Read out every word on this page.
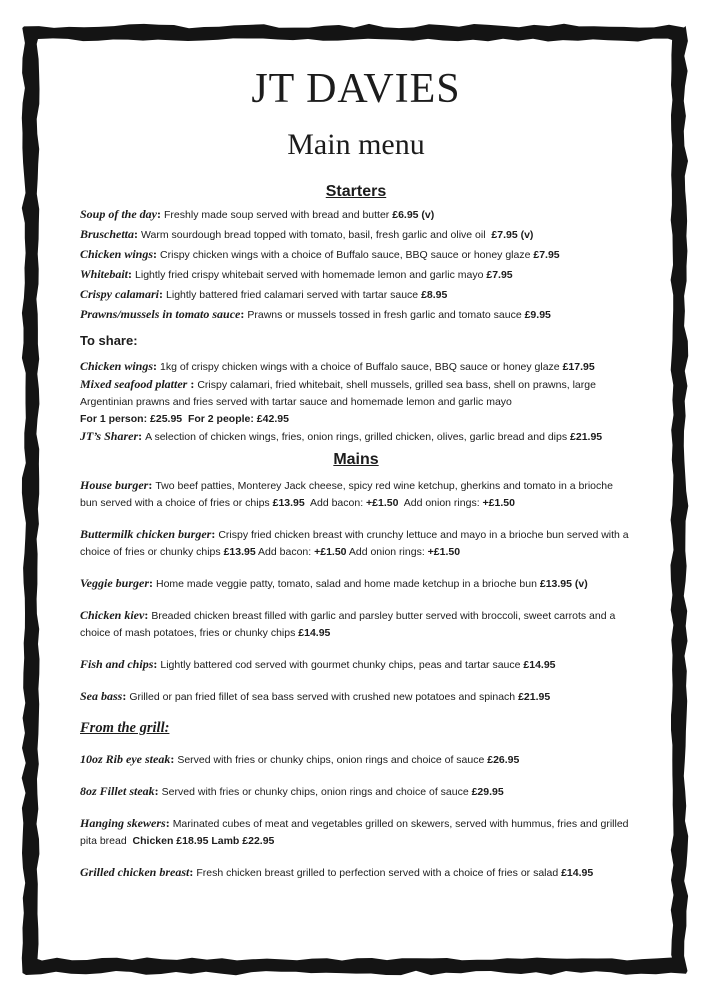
JT DAVIES
Main menu
Starters
Soup of the day: Freshly made soup served with bread and butter £6.95 (v)
Bruschetta: Warm sourdough bread topped with tomato, basil, fresh garlic and olive oil  £7.95 (v)
Chicken wings: Crispy chicken wings with a choice of Buffalo sauce, BBQ sauce or honey glaze £7.95
Whitebait: Lightly fried crispy whitebait served with homemade lemon and garlic mayo £7.95
Crispy calamari: Lightly battered fried calamari served with tartar sauce £8.95
Prawns/mussels in tomato sauce: Prawns or mussels tossed in fresh garlic and tomato sauce £9.95
To share:
Chicken wings: 1kg of crispy chicken wings with a choice of Buffalo sauce, BBQ sauce or honey glaze £17.95
Mixed seafood platter : Crispy calamari, fried whitebait, shell mussels, grilled sea bass, shell on prawns, large Argentinian prawns and fries served with tartar sauce and homemade lemon and garlic mayo
For 1 person: £25.95  For 2 people: £42.95
JT’s Sharer: A selection of chicken wings, fries, onion rings, grilled chicken, olives, garlic bread and dips £21.95
Mains
House burger: Two beef patties, Monterey Jack cheese, spicy red wine ketchup, gherkins and tomato in a brioche bun served with a choice of fries or chips £13.95  Add bacon: +£1.50  Add onion rings: +£1.50
Buttermilk chicken burger: Crispy fried chicken breast with crunchy lettuce and mayo in a brioche bun served with a choice of fries or chunky chips £13.95 Add bacon: +£1.50 Add onion rings: +£1.50
Veggie burger: Home made veggie patty, tomato, salad and home made ketchup in a brioche bun £13.95 (v)
Chicken kiev: Breaded chicken breast filled with garlic and parsley butter served with broccoli, sweet carrots and a choice of mash potatoes, fries or chunky chips £14.95
Fish and chips: Lightly battered cod served with gourmet chunky chips, peas and tartar sauce £14.95
Sea bass: Grilled or pan fried fillet of sea bass served with crushed new potatoes and spinach £21.95
From the grill:
10oz Rib eye steak: Served with fries or chunky chips, onion rings and choice of sauce £26.95
8oz Fillet steak: Served with fries or chunky chips, onion rings and choice of sauce £29.95
Hanging skewers: Marinated cubes of meat and vegetables grilled on skewers, served with hummus, fries and grilled pita bread  Chicken £18.95 Lamb £22.95
Grilled chicken breast: Fresh chicken breast grilled to perfection served with a choice of fries or salad £14.95
